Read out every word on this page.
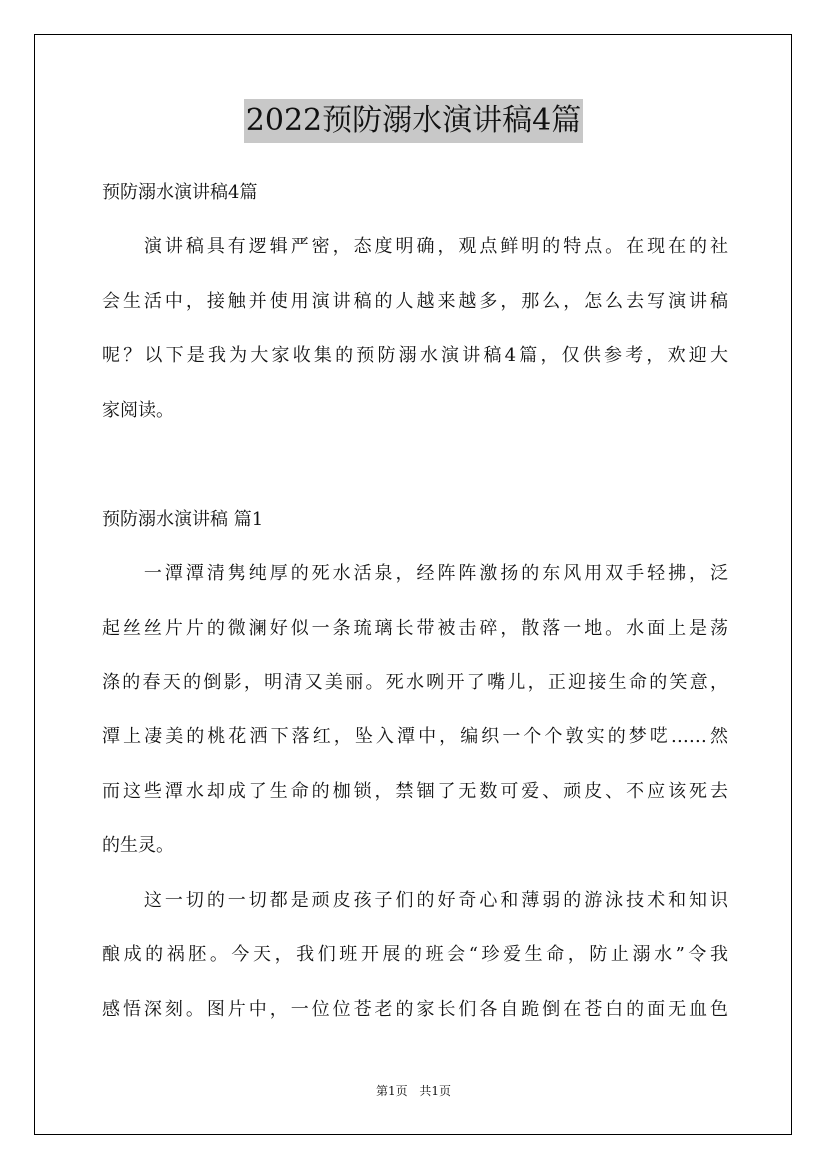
2022预防溺水演讲稿4篇
预防溺水演讲稿4篇
　　演讲稿具有逻辑严密，态度明确，观点鲜明的特点。在现在的社
会生活中，接触并使用演讲稿的人越来越多，那么，怎么去写演讲稿
呢？以下是我为大家收集的预防溺水演讲稿4篇，仅供参考，欢迎大
家阅读。
预防溺水演讲稿 篇1
　　一潭潭清隽纯厚的死水活泉，经阵阵激扬的东风用双手轻拂，泛
起丝丝片片的微澜好似一条琉璃长带被击碎，散落一地。水面上是荡
涤的春天的倒影，明清又美丽。死水咧开了嘴儿，正迎接生命的笑意，
潭上凄美的桃花洒下落红，坠入潭中，编织一个个敦实的梦呓……然
而这些潭水却成了生命的枷锁，禁锢了无数可爱、顽皮、不应该死去
的生灵。
　　这一切的一切都是顽皮孩子们的好奇心和薄弱的游泳技术和知识
酿成的祸胚。今天，我们班开展的班会“珍爱生命，防止溺水”令我
感悟深刻。图片中，一位位苍老的家长们各自跪倒在苍白的面无血色
第1页 共1页
